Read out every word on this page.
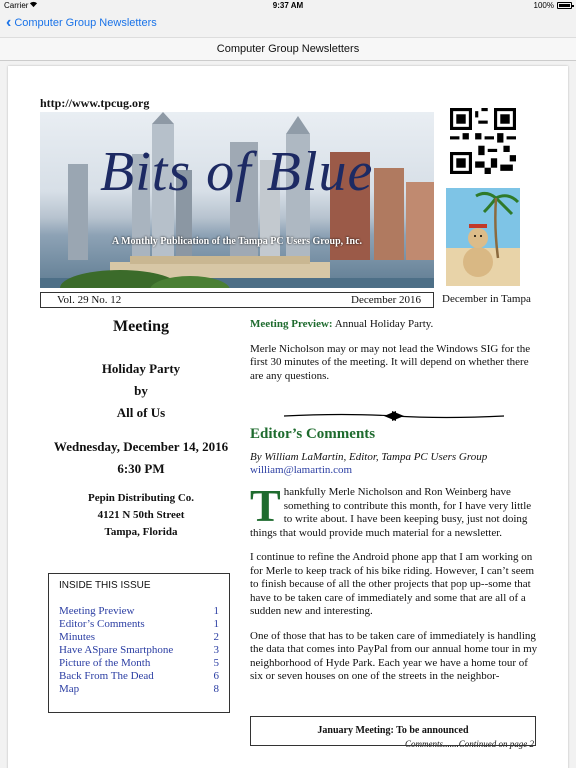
Carrier	9:37 AM	100%
‹ Computer Group Newsletters
Computer Group Newsletters
http://www.tpcug.org
Bits of Blue
A Monthly Publication of the Tampa PC Users Group, Inc.
December in Tampa
Vol. 29 No. 12	December 2016
Meeting
Holiday Party
by
All of Us
Wednesday, December 14, 2016
6:30 PM
Pepin Distributing Co.
4121 N 50th Street
Tampa, Florida
INSIDE THIS ISSUE
Meeting Preview	1
Editor’s Comments	1
Minutes	2
Have ASpare Smartphone	3
Picture of the Month	5
Back From The Dead	6
Map	8
Meeting Preview: Annual Holiday Party.
Merle Nicholson may or may not lead the Windows SIG for the first 30 minutes of the meeting. It will depend on whether there are any questions.
Editor’s Comments
By William LaMartin, Editor, Tampa PC Users Group
william@lamartin.com
Thankfully Merle Nicholson and Ron Weinberg have something to contribute this month, for I have very little to write about. I have been keeping busy, just not doing things that would provide much material for a newsletter.
I continue to refine the Android phone app that I am working on for Merle to keep track of his bike riding. However, I can’t seem to finish because of all the other projects that pop up--some that have to be taken care of immediately and some that are all of a sudden new and interesting.
One of those that has to be taken care of immediately is handling the data that comes into PayPal from our annual home tour in my neighborhood of Hyde Park. Each year we have a home tour of six or seven houses on one of the streets in the neighbor-
Comments.......Continued on page 2
January Meeting: To be announced
